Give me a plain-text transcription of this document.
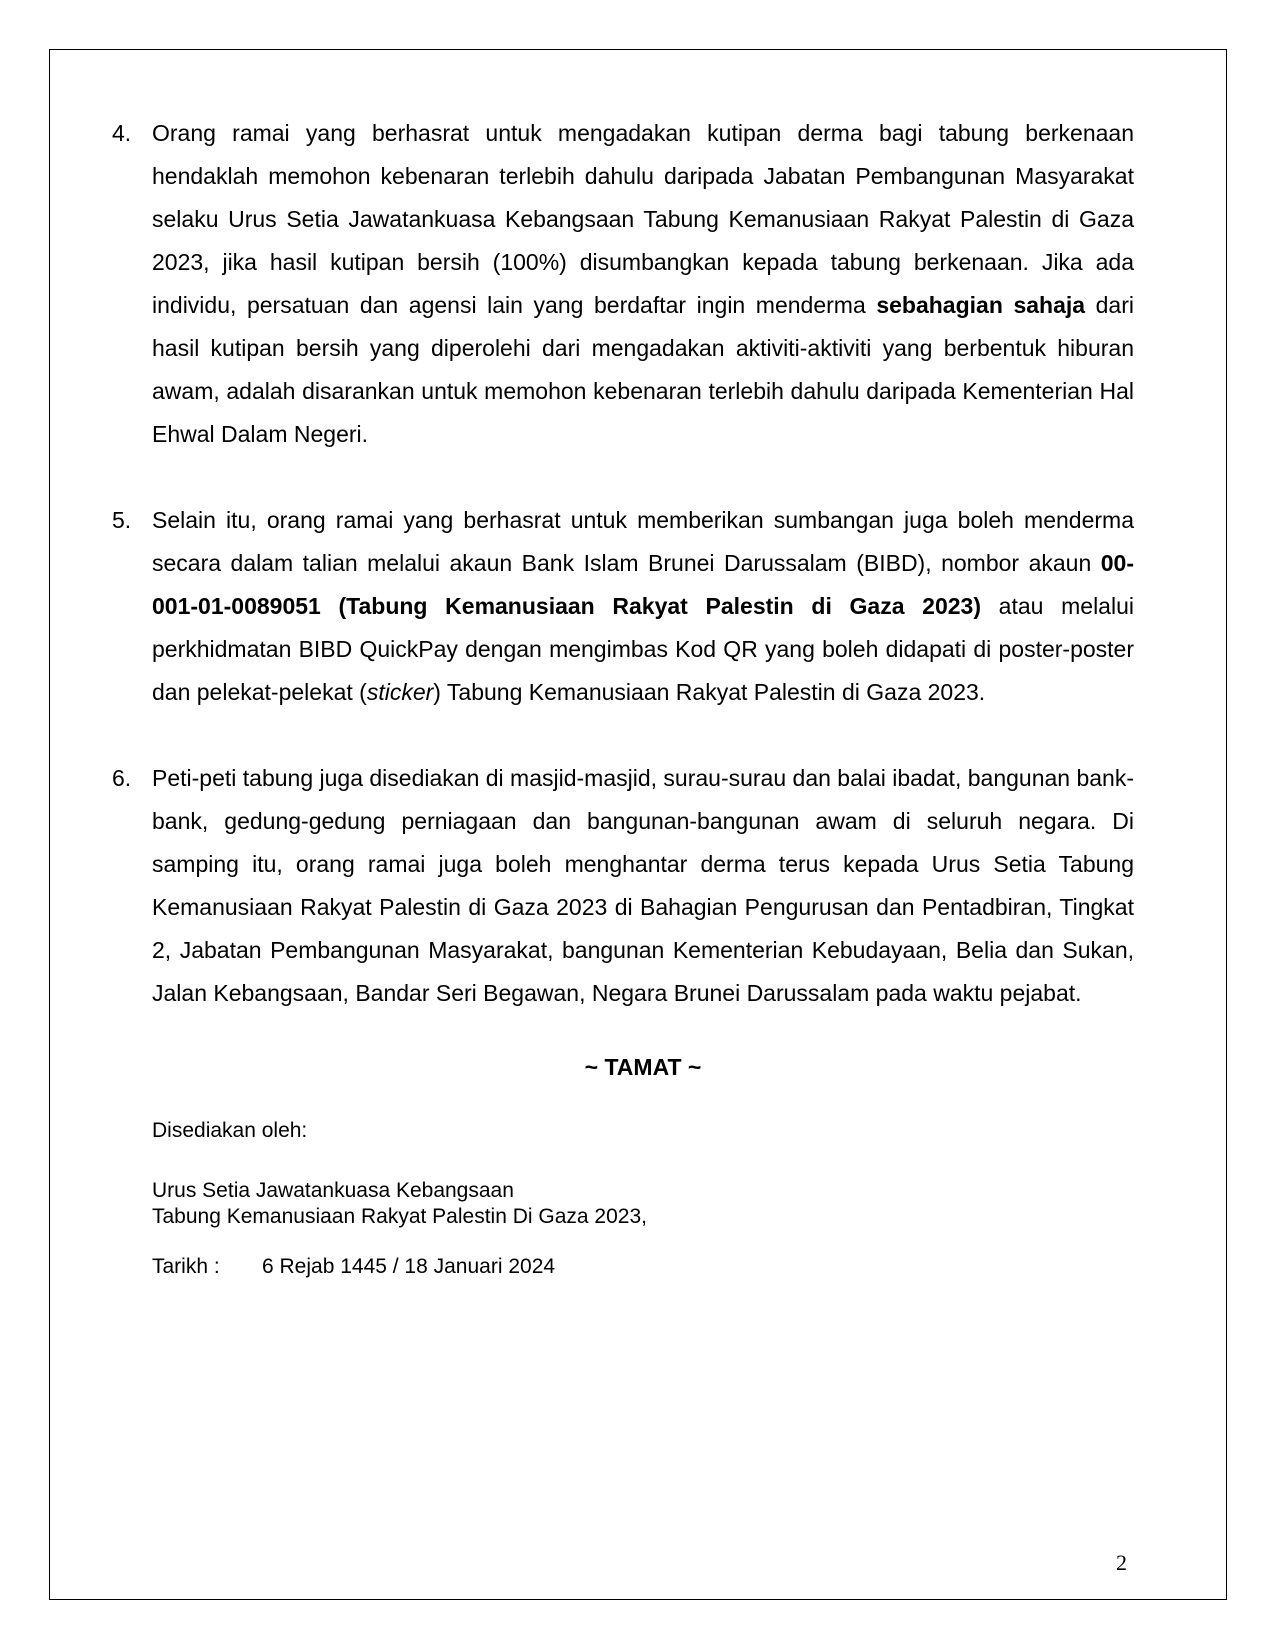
4. Orang ramai yang berhasrat untuk mengadakan kutipan derma bagi tabung berkenaan hendaklah memohon kebenaran terlebih dahulu daripada Jabatan Pembangunan Masyarakat selaku Urus Setia Jawatankuasa Kebangsaan Tabung Kemanusiaan Rakyat Palestin di Gaza 2023, jika hasil kutipan bersih (100%) disumbangkan kepada tabung berkenaan. Jika ada individu, persatuan dan agensi lain yang berdaftar ingin menderma sebahagian sahaja dari hasil kutipan bersih yang diperolehi dari mengadakan aktiviti-aktiviti yang berbentuk hiburan awam, adalah disarankan untuk memohon kebenaran terlebih dahulu daripada Kementerian Hal Ehwal Dalam Negeri.

5. Selain itu, orang ramai yang berhasrat untuk memberikan sumbangan juga boleh menderma secara dalam talian melalui akaun Bank Islam Brunei Darussalam (BIBD), nombor akaun 00-001-01-0089051 (Tabung Kemanusiaan Rakyat Palestin di Gaza 2023) atau melalui perkhidmatan BIBD QuickPay dengan mengimbas Kod QR yang boleh didapati di poster-poster dan pelekat-pelekat (sticker) Tabung Kemanusiaan Rakyat Palestin di Gaza 2023.

6. Peti-peti tabung juga disediakan di masjid-masjid, surau-surau dan balai ibadat, bangunan bank-bank, gedung-gedung perniagaan dan bangunan-bangunan awam di seluruh negara. Di samping itu, orang ramai juga boleh menghantar derma terus kepada Urus Setia Tabung Kemanusiaan Rakyat Palestin di Gaza 2023 di Bahagian Pengurusan dan Pentadbiran, Tingkat 2, Jabatan Pembangunan Masyarakat, bangunan Kementerian Kebudayaan, Belia dan Sukan, Jalan Kebangsaan, Bandar Seri Begawan, Negara Brunei Darussalam pada waktu pejabat.

~ TAMAT ~
Disediakan oleh:
Urus Setia Jawatankuasa Kebangsaan
Tabung Kemanusiaan Rakyat Palestin Di Gaza 2023,
Tarikh :	6 Rejab 1445 / 18 Januari 2024
2
